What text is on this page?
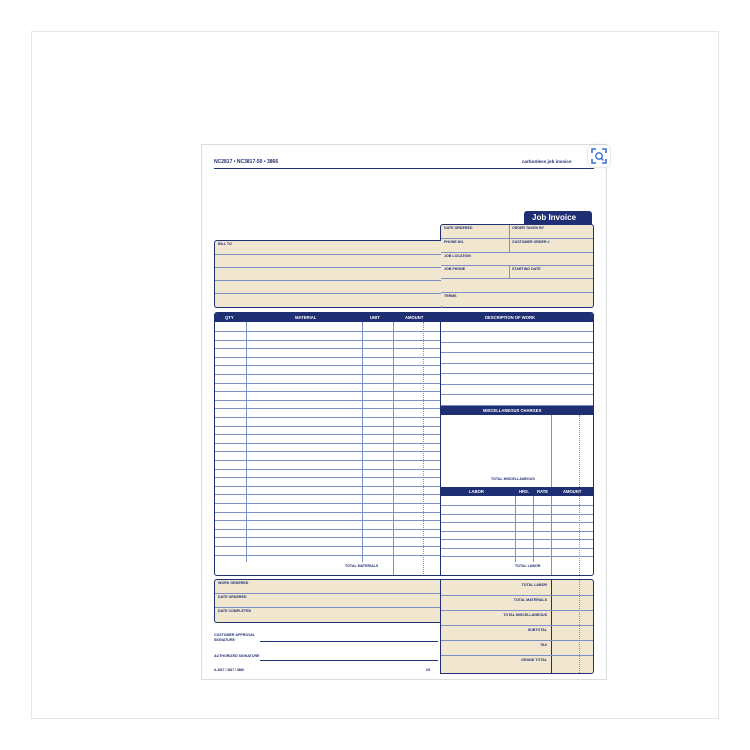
NC2817 • NC3817-50 • 3866	carbonless job invoice
Job Invoice
DATE ORDERED	ORDER TAKEN BY
PHONE NO.	CUSTOMER ORDER #
JOB LOCATION
JOB PHONE	STARTING DATE
TERMS
BILL TO
QTY	MATERIAL	UNIT	AMOUNT
TOTAL MATERIALS
DESCRIPTION OF WORK
MISCELLANEOUS CHARGES
TOTAL MISCELLANEOUS
LABOR	HRS. RATE	AMOUNT
TOTAL LABOR
WORK ORDERED
DATE ORDERED
DATE COMPLETED
CUSTOMER APPROVAL SIGNATURE
AUTHORIZED SIGNATURE
A-2817 / 3817 / 3866	US
TOTAL LABOR
TOTAL MATERIALS
TOTAL MISCELLANEOUS
SUBTOTAL
TAX
GRAND TOTAL
